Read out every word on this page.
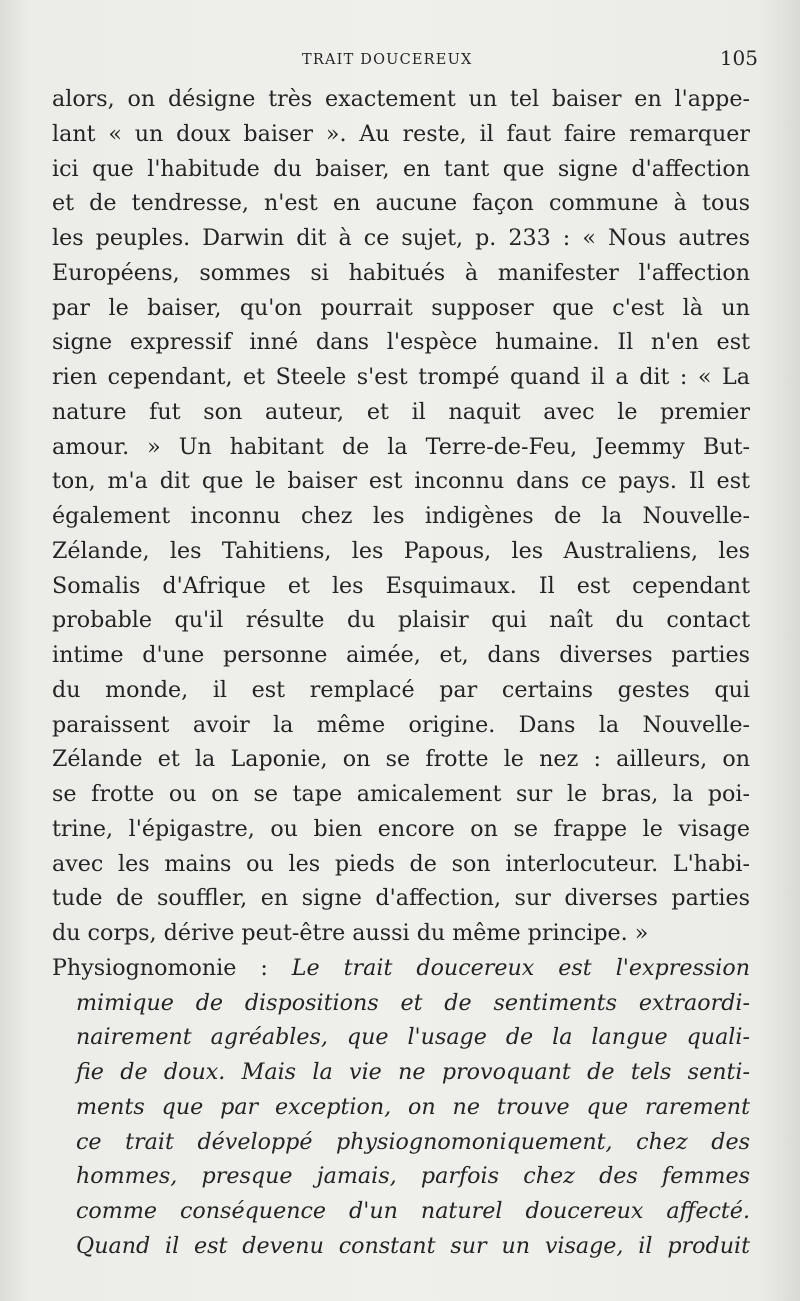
TRAIT DOUCEREUX	105
alors, on désigne très exactement un tel baiser en l'appe-
lant « un doux baiser ». Au reste, il faut faire remarquer
ici que l'habitude du baiser, en tant que signe d'affection
et de tendresse, n'est en aucune façon commune à tous
les peuples. Darwin dit à ce sujet, p. 233 : « Nous autres
Européens, sommes si habitués à manifester l'affection
par le baiser, qu'on pourrait supposer que c'est là un
signe expressif inné dans l'espèce humaine. Il n'en est
rien cependant, et Steele s'est trompé quand il a dit : « La
nature fut son auteur, et il naquit avec le premier
amour. » Un habitant de la Terre-de-Feu, Jeemmy But-
ton, m'a dit que le baiser est inconnu dans ce pays. Il est
également inconnu chez les indigènes de la Nouvelle-
Zélande, les Tahitiens, les Papous, les Australiens, les
Somalis d'Afrique et les Esquimaux. Il est cependant
probable qu'il résulte du plaisir qui naît du contact
intime d'une personne aimée, et, dans diverses parties
du monde, il est remplacé par certains gestes qui
paraissent avoir la même origine. Dans la Nouvelle-
Zélande et la Laponie, on se frotte le nez : ailleurs, on
se frotte ou on se tape amicalement sur le bras, la poi-
trine, l'épigastre, ou bien encore on se frappe le visage
avec les mains ou les pieds de son interlocuteur. L'habi-
tude de souffler, en signe d'affection, sur diverses parties
du corps, dérive peut-être aussi du même principe. »
Physiognomonie : Le trait doucereux est l'expression
mimique de dispositions et de sentiments extraordi-
nairement agréables, que l'usage de la langue quali-
fie de doux. Mais la vie ne provoquant de tels senti-
ments que par exception, on ne trouve que rarement
ce trait développé physiognomoniquement, chez des
hommes, presque jamais, parfois chez des femmes
comme conséquence d'un naturel doucereux affecté.
Quand il est devenu constant sur un visage, il produit
